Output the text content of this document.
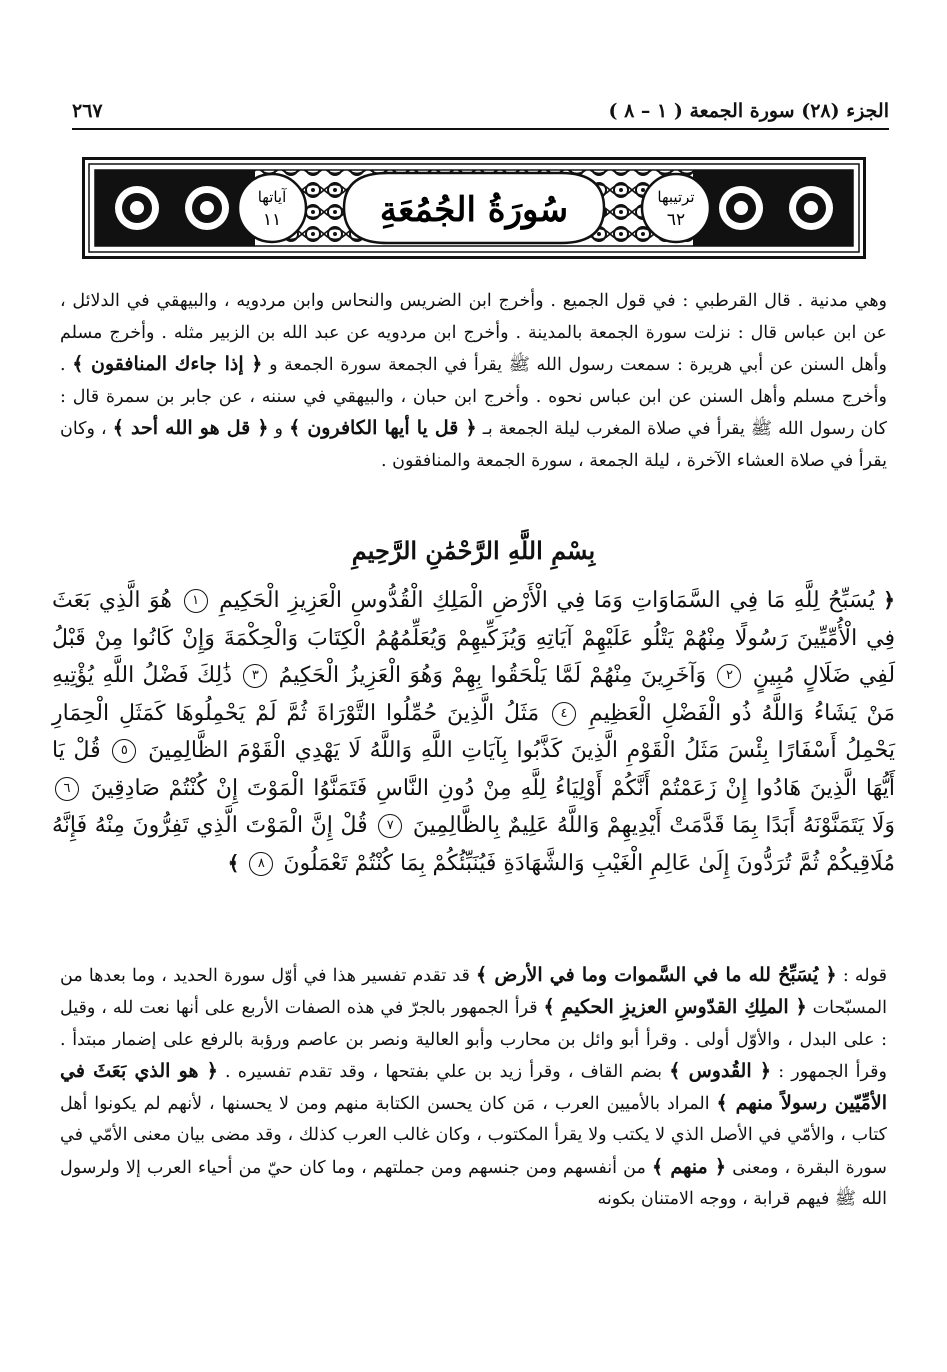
الجزء (٢٨) سورة الجمعة ( ١ – ٨ )
٢٦٧
آياتها
١١
ترتيبها
٦٢
سُورَةُ الجُمُعَةِ

وهي مدنية . قال القرطبي : في قول الجميع . وأخرج ابن الضريس والنحاس وابن مردويه ، والبيهقي في الدلائل ، عن ابن عباس قال : نزلت سورة الجمعة بالمدينة . وأخرج ابن مردويه عن عبد الله بن الزبير مثله . وأخرج مسلم وأهل السنن عن أبي هريرة : سمعت رسول الله ﷺ يقرأ في الجمعة سورة الجمعة و ﴿ إذا جاءك المنافقون ﴾ . وأخرج مسلم وأهل السنن عن ابن عباس نحوه . وأخرج ابن حبان ، والبيهقي في سننه ، عن جابر بن سمرة قال : كان رسول الله ﷺ يقرأ في صلاة المغرب ليلة الجمعة بـ ﴿ قل يا أيها الكافرون ﴾ و ﴿ قل هو الله أحد ﴾ ، وكان يقرأ في صلاة العشاء الآخرة ، ليلة الجمعة ، سورة الجمعة والمنافقون .

بِسْمِ اللَّهِ الرَّحْمَٰنِ الرَّحِيمِ

﴿ يُسَبِّحُ لِلَّهِ مَا فِي السَّمَاوَاتِ وَمَا فِي الْأَرْضِ الْمَلِكِ الْقُدُّوسِ الْعَزِيزِ الْحَكِيمِ ١ هُوَ الَّذِي بَعَثَ فِي الْأُمِّيِّينَ رَسُولًا مِنْهُمْ يَتْلُو عَلَيْهِمْ آيَاتِهِ وَيُزَكِّيهِمْ وَيُعَلِّمُهُمُ الْكِتَابَ وَالْحِكْمَةَ وَإِنْ كَانُوا مِنْ قَبْلُ لَفِي ضَلَالٍ مُبِينٍ ٢ وَآخَرِينَ مِنْهُمْ لَمَّا يَلْحَقُوا بِهِمْ وَهُوَ الْعَزِيزُ الْحَكِيمُ ٣ ذَٰلِكَ فَضْلُ اللَّهِ يُؤْتِيهِ مَنْ يَشَاءُ وَاللَّهُ ذُو الْفَضْلِ الْعَظِيمِ ٤ مَثَلُ الَّذِينَ حُمِّلُوا التَّوْرَاةَ ثُمَّ لَمْ يَحْمِلُوهَا كَمَثَلِ الْحِمَارِ يَحْمِلُ أَسْفَارًا بِئْسَ مَثَلُ الْقَوْمِ الَّذِينَ كَذَّبُوا بِآيَاتِ اللَّهِ وَاللَّهُ لَا يَهْدِي الْقَوْمَ الظَّالِمِينَ ٥ قُلْ يَا أَيُّهَا الَّذِينَ هَادُوا إِنْ زَعَمْتُمْ أَنَّكُمْ أَوْلِيَاءُ لِلَّهِ مِنْ دُونِ النَّاسِ فَتَمَنَّوُا الْمَوْتَ إِنْ كُنْتُمْ صَادِقِينَ ٦ وَلَا يَتَمَنَّوْنَهُ أَبَدًا بِمَا قَدَّمَتْ أَيْدِيهِمْ وَاللَّهُ عَلِيمٌ بِالظَّالِمِينَ ٧ قُلْ إِنَّ الْمَوْتَ الَّذِي تَفِرُّونَ مِنْهُ فَإِنَّهُ مُلَاقِيكُمْ ثُمَّ تُرَدُّونَ إِلَىٰ عَالِمِ الْغَيْبِ وَالشَّهَادَةِ فَيُنَبِّئُكُمْ بِمَا كُنْتُمْ تَعْمَلُونَ ٨ ﴾

قوله : ﴿ يُسَبِّحُ لله ما في السَّموات وما في الأرض ﴾ قد تقدم تفسير هذا في أوّل سورة الحديد ، وما بعدها من المسبّحات ﴿ الملِكِ القدّوسِ العزيزِ الحكيمِ ﴾ قرأ الجمهور بالجرّ في هذه الصفات الأربع على أنها نعت لله ، وقيل : على البدل ، والأوّل أولى . وقرأ أبو وائل بن محارب وأبو العالية ونصر بن عاصم ورؤبة بالرفع على إضمار مبتدأ . وقرأ الجمهور : ﴿ القُدوس ﴾ بضم القاف ، وقرأ زيد بن علي بفتحها ، وقد تقدم تفسيره . ﴿ هو الذي بَعَثَ في الأمِّيّين رسولاً منهم ﴾ المراد بالأميين العرب ، مَن كان يحسن الكتابة منهم ومن لا يحسنها ، لأنهم لم يكونوا أهل كتاب ، والأمّي في الأصل الذي لا يكتب ولا يقرأ المكتوب ، وكان غالب العرب كذلك ، وقد مضى بيان معنى الأمّي في سورة البقرة ، ومعنى ﴿ منهم ﴾ من أنفسهم ومن جنسهم ومن جملتهم ، وما كان حيّ من أحياء العرب إلا ولرسول الله ﷺ فيهم قرابة ، ووجه الامتنان بكونه
